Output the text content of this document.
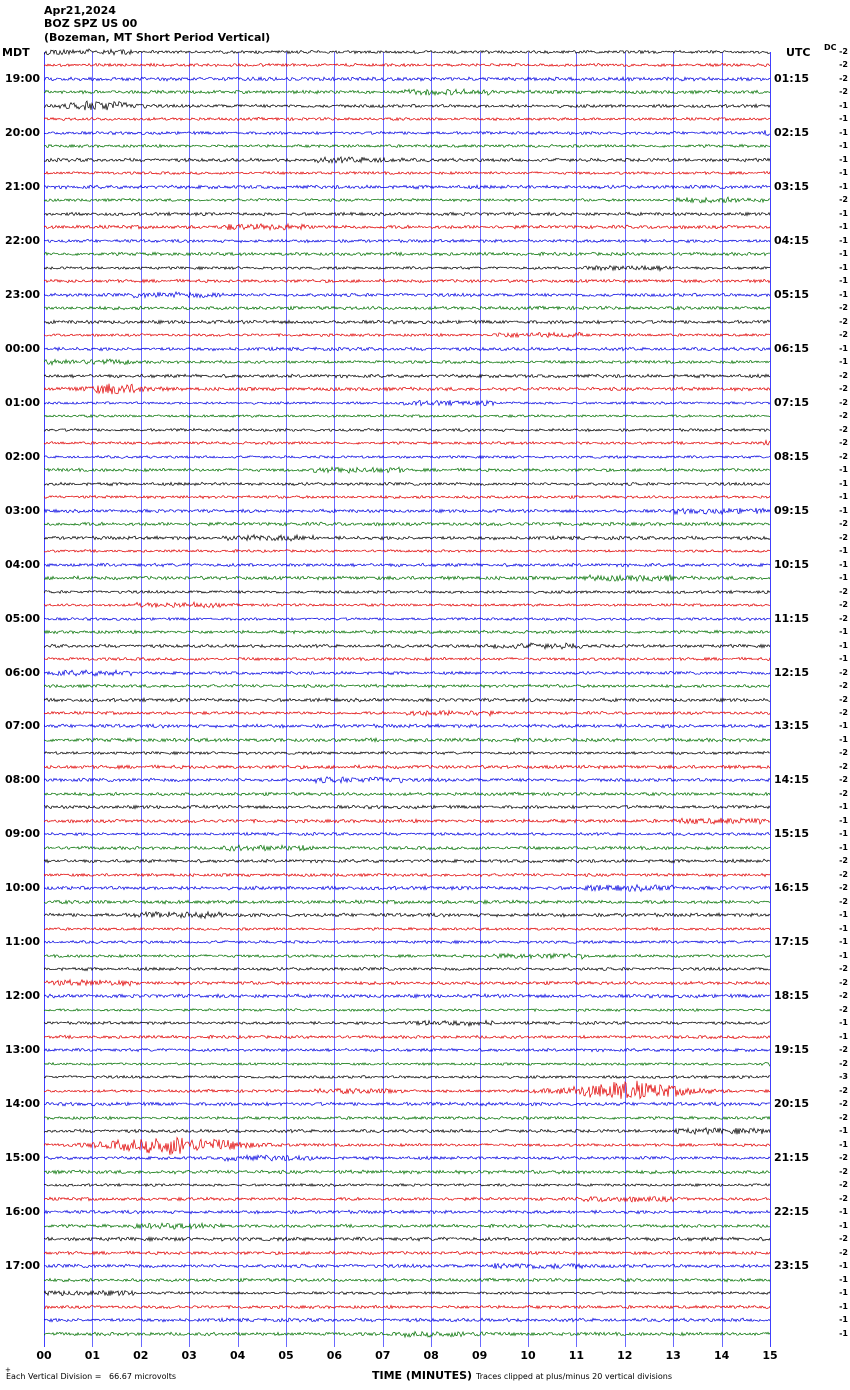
Apr21,2024
BOZ SPZ US 00
(Bozeman, MT Short Period Vertical)
MDT	UTC DC
00	01	02	03	04	05	06	07	08	09	10	11	12	13	14	15
+
Each Vertical Division =   66.67 microvolts	TIME (MINUTES) Traces clipped at plus/minus 20 vertical divisions
-2
-2
-2
-2
-1
-1
-1
-1
-1
-1
-1
-2
-1
-1
-1
-1
-1
-1
-1
-2
-2
-2
-1
-1
-2
-2
-2
-2
-2
-2
-2
-1
-1
-1
-1
-2
-2
-1
-1
-1
-2
-2
-2
-1
-1
-1
-2
-2
-2
-2
-1
-1
-2
-2
-2
-2
-1
-1
-1
-1
-2
-2
-2
-2
-1
-1
-1
-1
-2
-2
-2
-2
-1
-1
-2
-2
-3
-2
-2
-2
-1
-1
-2
-2
-2
-2
-1
-1
-2
-2
-1
-1
-1
-1
-1
-1
19:00	01:15
20:00	02:15
21:00	03:15
22:00	04:15
23:00	05:15
00:00	06:15
01:00	07:15
02:00	08:15
03:00	09:15
04:00	10:15
05:00	11:15
06:00	12:15
07:00	13:15
08:00	14:15
09:00	15:15
10:00	16:15
11:00	17:15
12:00	18:15
13:00	19:15
14:00	20:15
15:00	21:15
16:00	22:15
17:00	23:15
